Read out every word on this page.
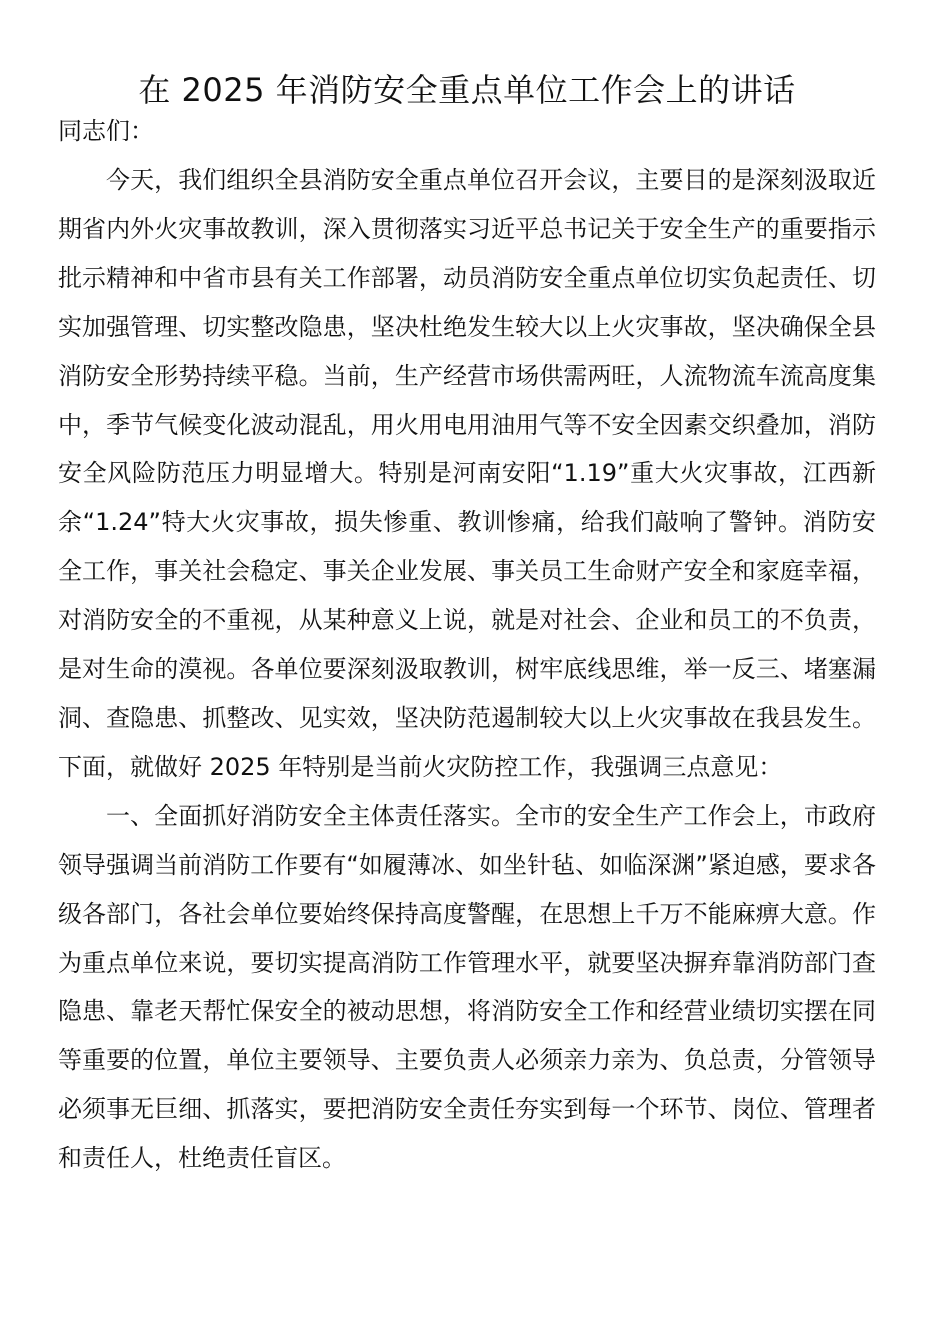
在 2025 年消防安全重点单位工作会上的讲话

同志们：

今天，我们组织全县消防安全重点单位召开会议，主要目的是深刻汲取近期省内外火灾事故教训，深入贯彻落实习近平总书记关于安全生产的重要指示批示精神和中省市县有关工作部署，动员消防安全重点单位切实负起责任、切实加强管理、切实整改隐患，坚决杜绝发生较大以上火灾事故，坚决确保全县消防安全形势持续平稳。当前，生产经营市场供需两旺，人流物流车流高度集中，季节气候变化波动混乱，用火用电用油用气等不安全因素交织叠加，消防安全风险防范压力明显增大。特别是河南安阳“1.19”重大火灾事故，江西新余“1.24”特大火灾事故，损失惨重、教训惨痛，给我们敲响了警钟。消防安全工作，事关社会稳定、事关企业发展、事关员工生命财产安全和家庭幸福，对消防安全的不重视，从某种意义上说，就是对社会、企业和员工的不负责，是对生命的漠视。各单位要深刻汲取教训，树牢底线思维，举一反三、堵塞漏洞、查隐患、抓整改、见实效，坚决防范遏制较大以上火灾事故在我县发生。下面，就做好 2025 年特别是当前火灾防控工作，我强调三点意见：

一、全面抓好消防安全主体责任落实。全市的安全生产工作会上，市政府领导强调当前消防工作要有“如履薄冰、如坐针毡、如临深渊”紧迫感，要求各级各部门，各社会单位要始终保持高度警醒，在思想上千万不能麻痹大意。作为重点单位来说，要切实提高消防工作管理水平，就要坚决摒弃靠消防部门查隐患、靠老天帮忙保安全的被动思想，将消防安全工作和经营业绩切实摆在同等重要的位置，单位主要领导、主要负责人必须亲力亲为、负总责，分管领导必须事无巨细、抓落实，要把消防安全责任夯实到每一个环节、岗位、管理者和责任人，杜绝责任盲区。
